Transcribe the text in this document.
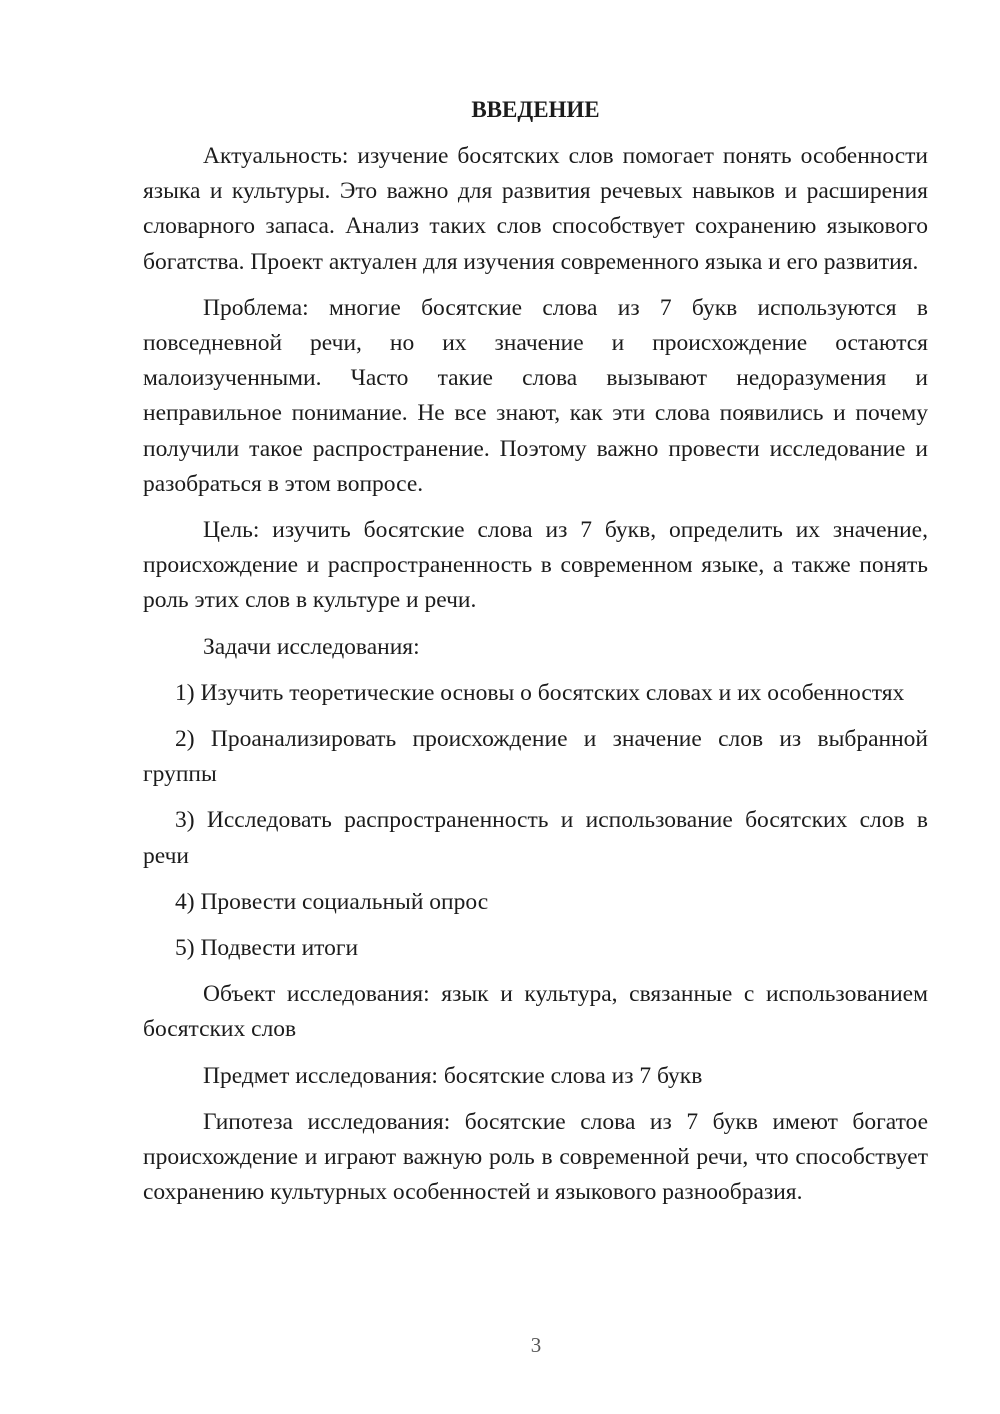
ВВЕДЕНИЕ

Актуальность: изучение босятских слов помогает понять особенности языка и культуры. Это важно для развития речевых навыков и расширения словарного запаса. Анализ таких слов способствует сохранению языкового богатства. Проект актуален для изучения современного языка и его развития.

Проблема: многие босятские слова из 7 букв используются в повседневной речи, но их значение и происхождение остаются малоизученными. Часто такие слова вызывают недоразумения и неправильное понимание. Не все знают, как эти слова появились и почему получили такое распространение. Поэтому важно провести исследование и разобраться в этом вопросе.

Цель: изучить босятские слова из 7 букв, определить их значение, происхождение и распространенность в современном языке, а также понять роль этих слов в культуре и речи.

Задачи исследования:

1) Изучить теоретические основы о босятских словах и их особенностях

2) Проанализировать происхождение и значение слов из выбранной группы

3) Исследовать распространенность и использование босятских слов в речи

4) Провести социальный опрос

5) Подвести итоги

Объект исследования: язык и культура, связанные с использованием босятских слов

Предмет исследования: босятские слова из 7 букв

Гипотеза исследования: босятские слова из 7 букв имеют богатое происхождение и играют важную роль в современной речи, что способствует сохранению культурных особенностей и языкового разнообразия.

3
